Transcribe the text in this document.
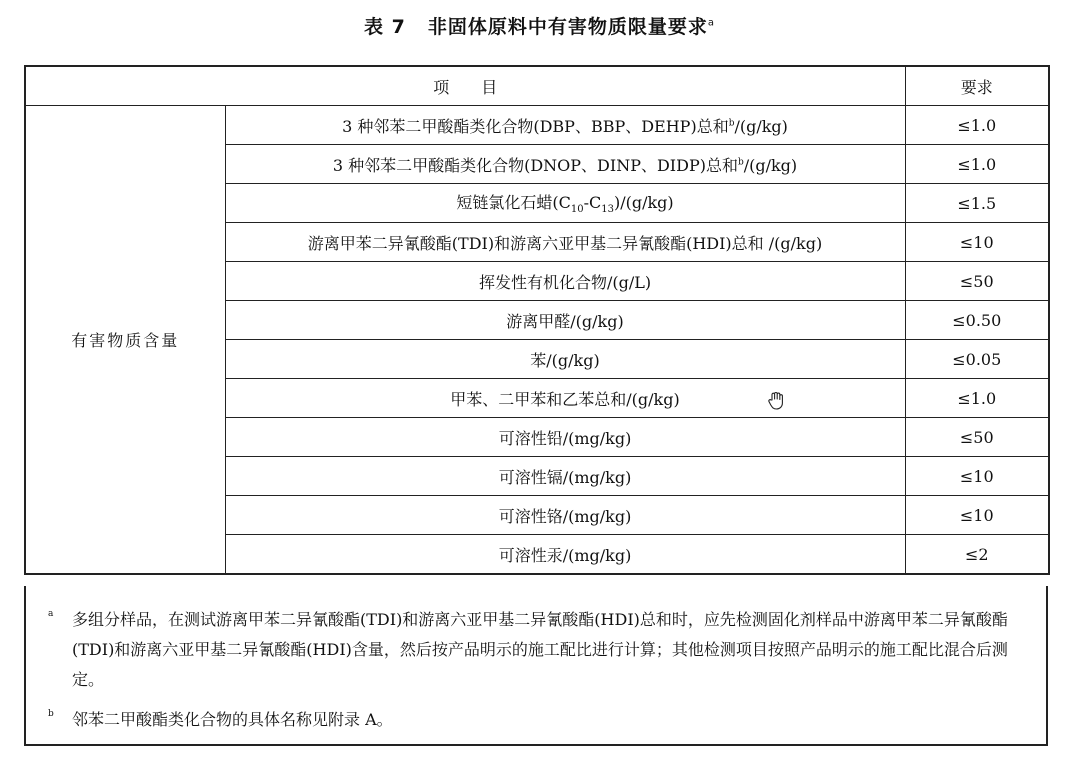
表 7 非固体原料中有害物质限量要求$^a$
项　　目		要求
有害物质含量	3 种邻苯二甲酸酯类化合物(DBP、BBP、DEHP)总和$^b$/(g/kg)	≤1.0
	3 种邻苯二甲酸酯类化合物(DNOP、DINP、DIDP)总和$^b$/(g/kg)	≤1.0
	短链氯化石蜡$(C_{10}-C_{13})/(g/kg)$	≤1.5
	游离甲苯二异氰酸酯(TDI)和游离六亚甲基二异氰酸酯(HDI)总和 /(g/kg)	≤10
	挥发性有机化合物/(g/L)	≤50
	游离甲醛/(g/kg)	≤0.50
	苯/(g/kg)	≤0.05
	甲苯、二甲苯和乙苯总和/(g/kg)	≤1.0
	可溶性铅/(mg/kg)	≤50
	可溶性镉/(mg/kg)	≤10
	可溶性铬/(mg/kg)	≤10
	可溶性汞/(mg/kg)	≤2
a 多组分样品，在测试游离甲苯二异氰酸酯(TDI)和游离六亚甲基二异氰酸酯(HDI)总和时，应先检测固化剂样品中游离甲苯二异氰酸酯(TDI)和游离六亚甲基二异氰酸酯(HDI)含量，然后按产品明示的施工配比进行计算；其他检测项目按照产品明示的施工配比混合后测定。
b 邻苯二甲酸酯类化合物的具体名称见附录 A。
